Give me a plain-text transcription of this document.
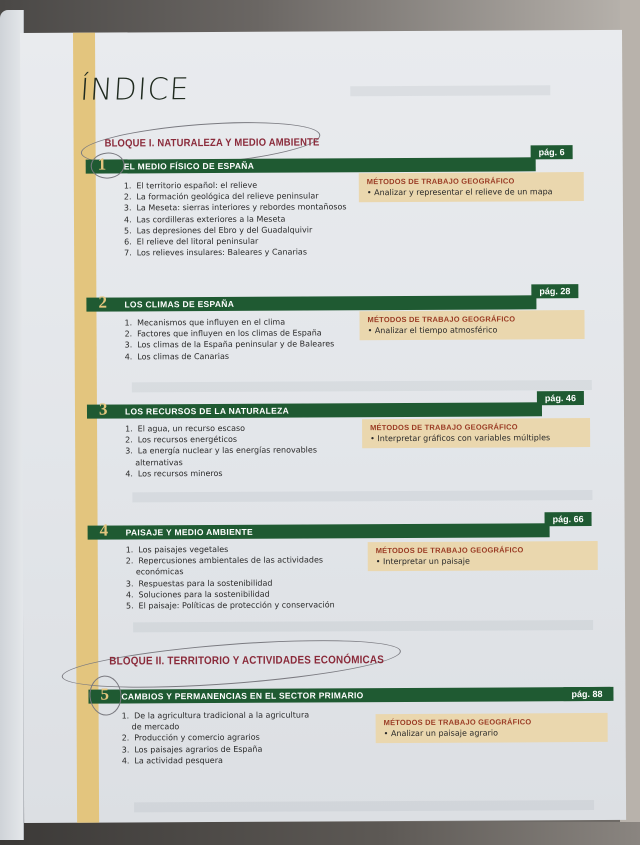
ÍNDICE
BLOQUE I. NATURALEZA Y MEDIO AMBIENTE
1 EL MEDIO FÍSICO DE ESPAÑA
pág. 6
1. El territorio español: el relieve
2. La formación geológica del relieve peninsular
3. La Meseta: sierras interiores y rebordes montañosos
4. Las cordilleras exteriores a la Meseta
5. Las depresiones del Ebro y del Guadalquivir
6. El relieve del litoral peninsular
7. Los relieves insulares: Baleares y Canarias
MÉTODOS DE TRABAJO GEOGRÁFICO
• Analizar y representar el relieve de un mapa
2 LOS CLIMAS DE ESPAÑA
pág. 28
1. Mecanismos que influyen en el clima
2. Factores que influyen en los climas de España
3. Los climas de la España peninsular y de Baleares
4. Los climas de Canarias
MÉTODOS DE TRABAJO GEOGRÁFICO
• Analizar el tiempo atmosférico
3 LOS RECURSOS DE LA NATURALEZA
pág. 46
1. El agua, un recurso escaso
2. Los recursos energéticos
3. La energía nuclear y las energías renovables
alternativas
4. Los recursos mineros
MÉTODOS DE TRABAJO GEOGRÁFICO
• Interpretar gráficos con variables múltiples
4 PAISAJE Y MEDIO AMBIENTE
pág. 66
1. Los paisajes vegetales
2. Repercusiones ambientales de las actividades
económicas
3. Respuestas para la sostenibilidad
4. Soluciones para la sostenibilidad
5. El paisaje: Políticas de protección y conservación
MÉTODOS DE TRABAJO GEOGRÁFICO
• Interpretar un paisaje
BLOQUE II. TERRITORIO Y ACTIVIDADES ECONÓMICAS
5 CAMBIOS Y PERMANENCIAS EN EL SECTOR PRIMARIO	pág. 88
1. De la agricultura tradicional a la agricultura
de mercado
2. Producción y comercio agrarios
3. Los paisajes agrarios de España
4. La actividad pesquera
MÉTODOS DE TRABAJO GEOGRÁFICO
• Analizar un paisaje agrario
